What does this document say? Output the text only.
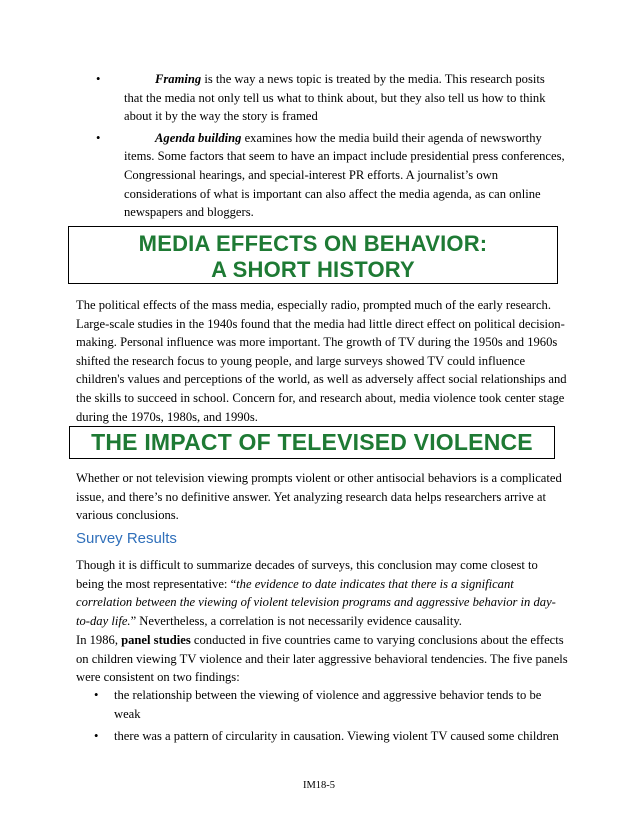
•	Framing is the way a news topic is treated by the media. This research posits that the media not only tell us what to think about, but they also tell us how to think about it by the way the story is framed
•	Agenda building examines how the media build their agenda of newsworthy items. Some factors that seem to have an impact include presidential press conferences, Congressional hearings, and special-interest PR efforts. A journalist’s own considerations of what is important can also affect the media agenda, as can online newspapers and bloggers.
MEDIA EFFECTS ON BEHAVIOR:
A SHORT HISTORY
The political effects of the mass media, especially radio, prompted much of the early research. Large-scale studies in the 1940s found that the media had little direct effect on political decision-making. Personal influence was more important. The growth of TV during the 1950s and 1960s shifted the research focus to young people, and large surveys showed TV could influence children's values and perceptions of the world, as well as adversely affect social relationships and the skills to succeed in school. Concern for, and research about, media violence took center stage during the 1970s, 1980s, and 1990s.
THE IMPACT OF TELEVISED VIOLENCE
Whether or not television viewing prompts violent or other antisocial behaviors is a complicated issue, and there’s no definitive answer. Yet analyzing research data helps researchers arrive at various conclusions.
Survey Results
Though it is difficult to summarize decades of surveys, this conclusion may come closest to being the most representative: “the evidence to date indicates that there is a significant correlation between the viewing of violent television programs and aggressive behavior in day-to-day life.” Nevertheless, a correlation is not necessarily evidence causality.
In 1986, panel studies conducted in five countries came to varying conclusions about the effects on children viewing TV violence and their later aggressive behavioral tendencies. The five panels were consistent on two findings:
• the relationship between the viewing of violence and aggressive behavior tends to be weak
• there was a pattern of circularity in causation. Viewing violent TV caused some children
IM18-5
